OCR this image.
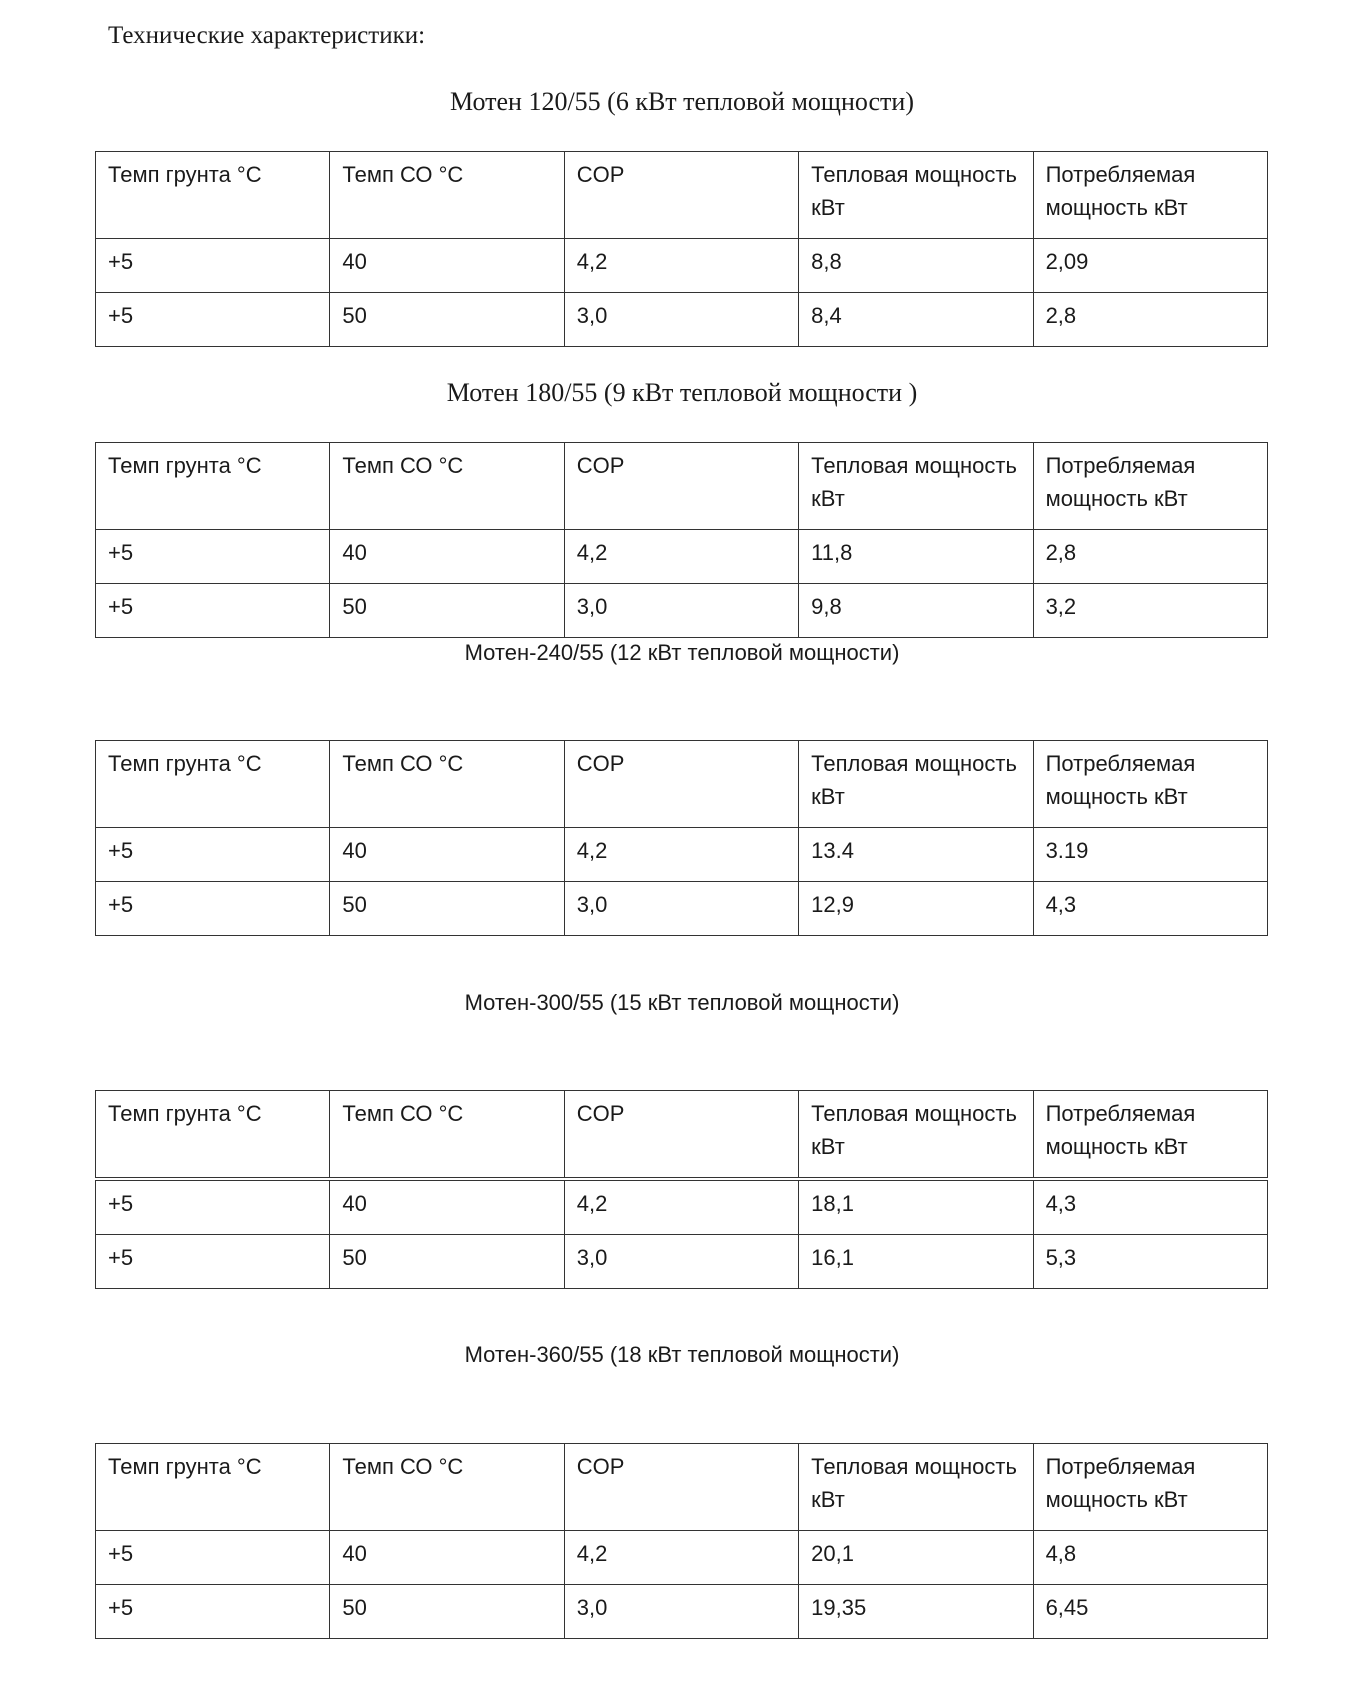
Технические характеристики:
Мотен 120/55 (6 кВт тепловой мощности)
Темп грунта °С	Темп СО °С	COP	Тепловая мощность кВт	Потребляемая мощность кВт
+5	40	4,2	8,8	2,09
+5	50	3,0	8,4	2,8
Мотен 180/55 (9 кВт тепловой мощности )
Темп грунта °С	Темп СО °С	COP	Тепловая мощность кВт	Потребляемая мощность кВт
+5	40	4,2	11,8	2,8
+5	50	3,0	9,8	3,2
Мотен-240/55 (12 кВт тепловой мощности)
Темп грунта °С	Темп СО °С	COP	Тепловая мощность кВт	Потребляемая мощность кВт
+5	40	4,2	13.4	3.19
+5	50	3,0	12,9	4,3
Мотен-300/55 (15 кВт тепловой мощности)
Темп грунта °С	Темп СО °С	COP	Тепловая мощность кВт	Потребляемая мощность кВт
+5	40	4,2	18,1	4,3
+5	50	3,0	16,1	5,3
Мотен-360/55 (18 кВт тепловой мощности)
Темп грунта °С	Темп СО °С	COP	Тепловая мощность кВт	Потребляемая мощность кВт
+5	40	4,2	20,1	4,8
+5	50	3,0	19,35	6,45
